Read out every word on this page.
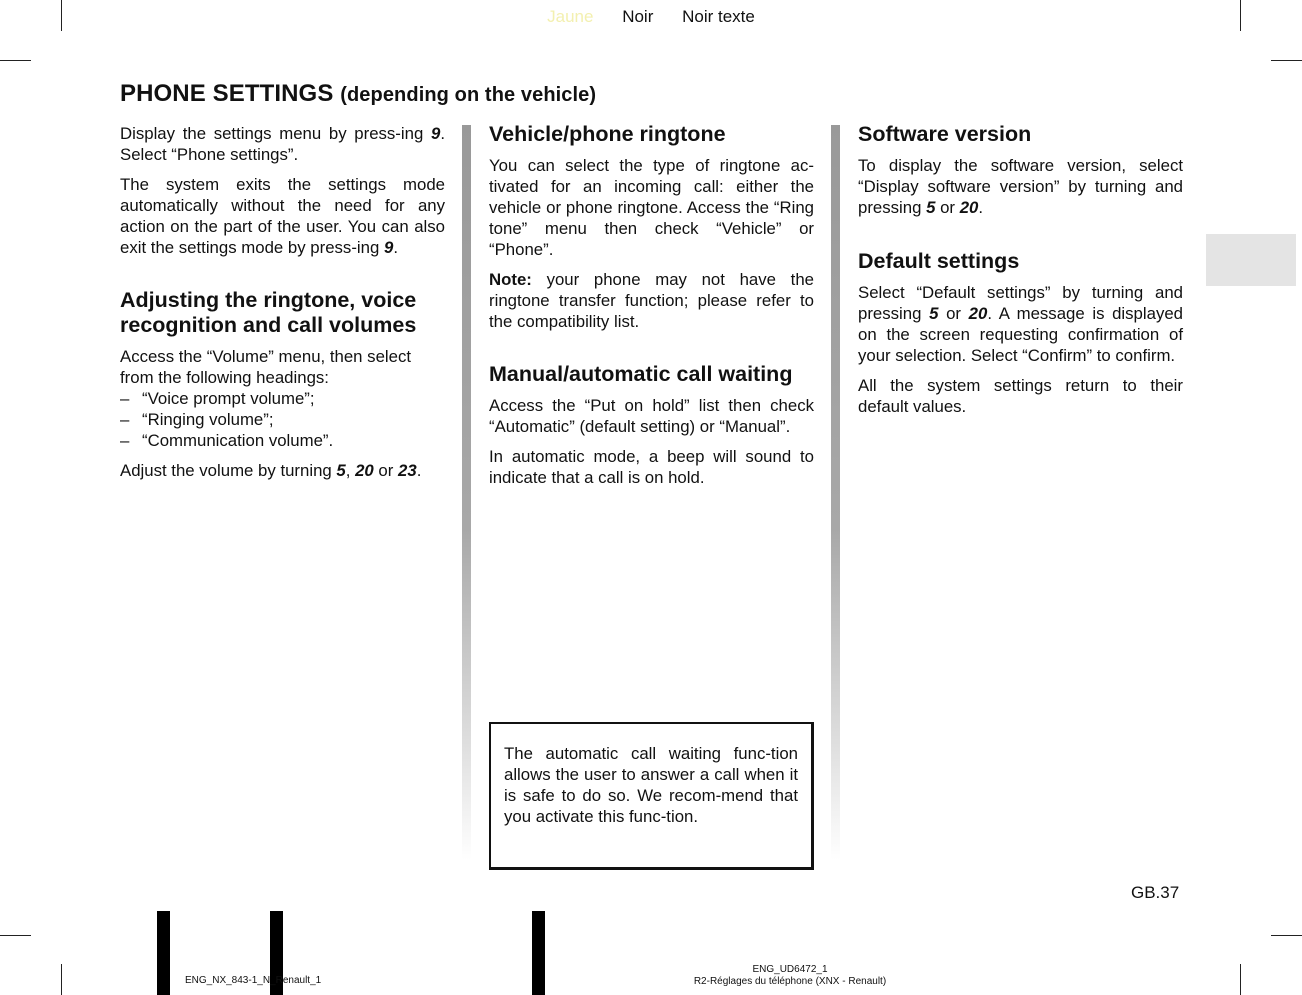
Jaune Noir Noir texte
PHONE SETTINGS (depending on the vehicle)

Display the settings menu by press-ing 9. Select “Phone settings”.

The system exits the settings mode automatically without the need for any action on the part of the user. You can also exit the settings mode by press-ing 9.

Adjusting the ringtone, voice recognition and call volumes

Access the “Volume” menu, then select from the following headings:

– “Voice prompt volume”;
– “Ringing volume”;
– “Communication volume”.

Adjust the volume by turning 5, 20 or 23.

Vehicle/phone ringtone

You can select the type of ringtone ac-tivated for an incoming call: either the vehicle or phone ringtone. Access the “Ring tone” menu then check “Vehicle” or “Phone”.

Note: your phone may not have the ringtone transfer function; please refer to the compatibility list.

Manual/automatic call waiting

Access the “Put on hold” list then check “Automatic” (default setting) or “Manual”.

In automatic mode, a beep will sound to indicate that a call is on hold.

The automatic call waiting func-tion allows the user to answer a call when it is safe to do so. We recom-mend that you activate this func-tion.

Software version

To display the software version, select “Display software version” by turning and pressing 5 or 20.

Default settings

Select “Default settings” by turning and pressing 5 or 20. A message is displayed on the screen requesting confirmation of your selection. Select “Confirm” to confirm.

All the system settings return to their default values.

GB.37
ENG_NX_843-1_N_Renault_1
ENG_UD6472_1
R2-Réglages du téléphone (XNX - Renault)
